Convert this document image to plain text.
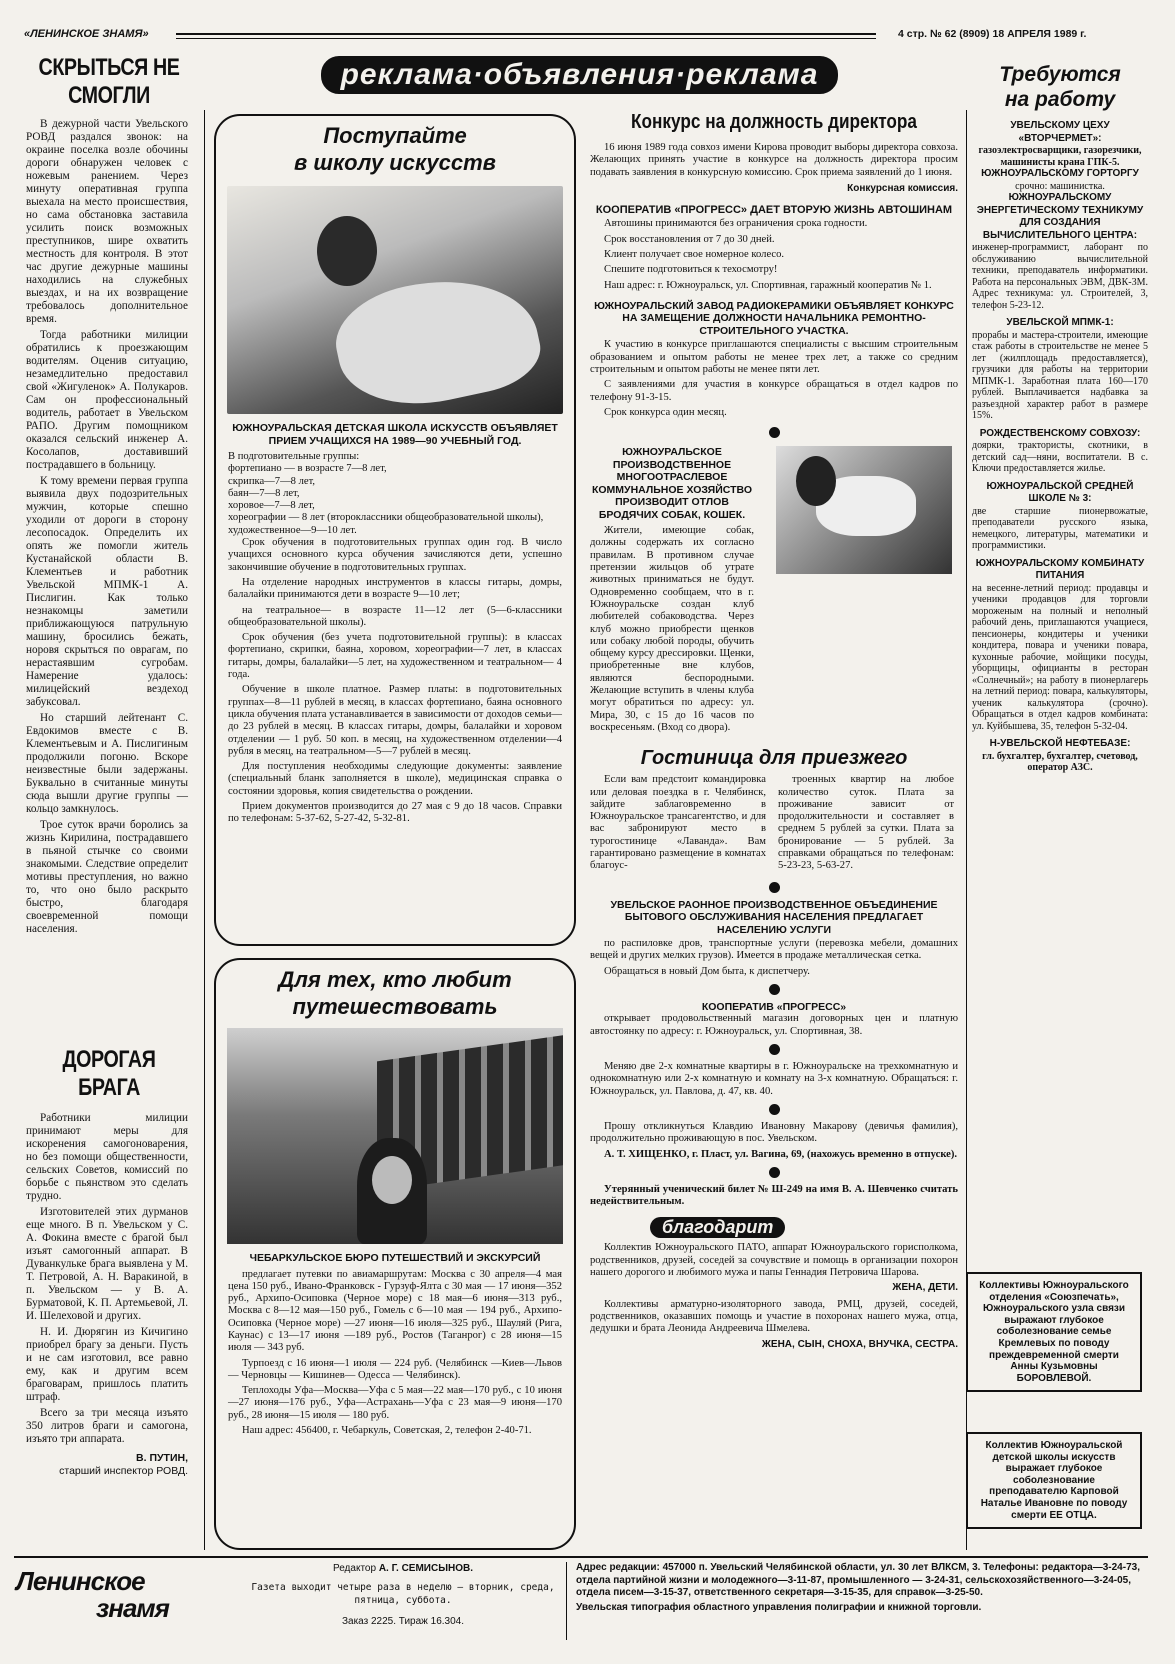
«ЛЕНИНСКОЕ ЗНАМЯ»	4 стр. № 62 (8909) 18 АПРЕЛЯ 1989 г.
реклама·объявления·реклама
СКРЫТЬСЯ НЕ СМОГЛИ

В дежурной части Увельского РОВД раздался звонок: на окраине поселка возле обочины дороги обнаружен человек с ножевым ранением. Через минуту оперативная группа выехала на место происшествия, но сама обстановка заставила усилить поиск возможных преступников, шире охватить местность для контроля. В этот час другие дежурные машины находились на служебных выездах, и на их возвращение требовалось дополнительное время.

Тогда работники милиции обратились к проезжающим водителям. Оценив ситуацию, незамедлительно предоставил свой «Жигуленок» А. Полукаров. Сам он профессиональный водитель, работает в Увельском РАПО. Другим помощником оказался сельский инженер А. Косолапов, доставивший пострадавшего в больницу.

К тому времени первая группа выявила двух подозрительных мужчин, которые спешно уходили от дороги в сторону лесопосадок. Определить их опять же помогли житель Кустанайской области В. Клементьев и работник Увельской МПМК-1 А. Пислигин. Как только незнакомцы заметили приближающуюся патрульную машину, бросились бежать, норовя скрыться по оврагам, по нерастаявшим сугробам. Намерение удалось: милицейский вездеход забуксовал.

Но старший лейтенант С. Евдокимов вместе с В. Клементьевым и А. Пислигиным продолжили погоню. Вскоре неизвестные были задержаны. Буквально в считанные минуты сюда вышли другие группы — кольцо замкнулось.

Трое суток врачи боролись за жизнь Кирилина, пострадавшего в пьяной стычке со своими знакомыми. Следствие определит мотивы преступления, но важно то, что оно было раскрыто быстро, благодаря своевременной помощи населения.

ДОРОГАЯ БРАГА

Работники милиции принимают меры для искоренения самогоноварения, но без помощи общественности, сельских Советов, комиссий по борьбе с пьянством это сделать трудно.

Изготовителей этих дурманов еще много. В п. Увельском у С. А. Фокина вместе с брагой был изъят самогонный аппарат. В Дуванкульке брага выявлена у М. Т. Петровой, А. Н. Варакиной, в п. Увельском — у В. А. Бурматовой, К. П. Артемьевой, Л. И. Шелеховой и других.

Н. И. Дюрягин из Кичигино приобрел брагу за деньги. Пусть и не сам изготовил, все равно ему, как и другим всем браговарам, пришлось платить штраф.

Всего за три месяца изъято 350 литров браги и самогона, изъято три аппарата.

В. ПУТИН,
старший инспектор РОВД.
Поступайте
в школу искусств
ЮЖНОУРАЛЬСКАЯ ДЕТСКАЯ ШКОЛА ИСКУССТВ ОБЪЯВЛЯЕТ ПРИЕМ УЧАЩИХСЯ НА 1989—90 УЧЕБНЫЙ ГОД.
В подготовительные группы:
фортепиано — в возрасте 7—8 лет,
скрипка—7—8 лет,
баян—7—8 лет,
хоровое—7—8 лет,
хореографии — 8 лет (второклассники общеобразовательной школы),
художественное—9—10 лет.

Срок обучения в подготовительных группах один год. В число учащихся основного курса обучения зачисляются дети, успешно закончившие обучение в подготовительных группах.

На отделение народных инструментов в классы гитары, домры, балалайки принимаются дети в возрасте 9—10 лет;

на театральное— в возрасте 11—12 лет (5—6-классники общеобразовательной школы).

Срок обучения (без учета подготовительной группы): в классах фортепиано, скрипки, баяна, хоровом, хореографии—7 лет, в классах гитары, домры, балалайки—5 лет, на художественном и театральном— 4 года.

Обучение в школе платное. Размер платы: в подготовительных группах—8—11 рублей в месяц, в классах фортепиано, баяна основного цикла обучения плата устанавливается в зависимости от доходов семьи— до 23 рублей в месяц. В классах гитары, домры, балалайки и хоровом отделении — 1 руб. 50 коп. в месяц, на художественном отделении—4 рубля в месяц, на театральном—5—7 рублей в месяц.

Для поступления необходимы следующие документы: заявление (специальный бланк заполняется в школе), медицинская справка о состоянии здоровья, копия свидетельства о рождении.

Прием документов производится до 27 мая с 9 до 18 часов. Справки по телефонам: 5-37-62, 5-27-42, 5-32-81.

Для тех, кто любит
путешествовать
ЧЕБАРКУЛЬСКОЕ БЮРО ПУТЕШЕСТВИЙ И ЭКСКУРСИЙ

предлагает путевки по авиамаршрутам: Москва с 30 апреля—4 мая цена 150 руб., Ивано-Франковск - Гурзуф-Ялта с 30 мая — 17 июня—352 руб., Архипо-Осиповка (Черное море) с 18 мая—6 июня—313 руб., Москва с 8—12 мая—150 руб., Гомель с 6—10 мая — 194 руб., Архипо-Осиповка (Черное море) —27 июня—16 июля—325 руб., Шауляй (Рига, Каунас) с 13—17 июня —189 руб., Ростов (Таганрог) с 28 июня—15 июля — 343 руб.

Турпоезд с 16 июня—1 июля — 224 руб. (Челябинск —Киев—Львов — Черновцы — Кишинев— Одесса — Челябинск).

Теплоходы Уфа—Москва—Уфа с 5 мая—22 мая—170 руб., с 10 июня—27 июня—176 руб., Уфа—Астрахань—Уфа с 23 мая—9 июня—170 руб., 28 июня—15 июля — 180 руб.

Наш адрес: 456400, г. Чебаркуль, Советская, 2, телефон 2-40-71.

Конкурс на должность директора

16 июня 1989 года совхоз имени Кирова проводит выборы директора совхоза. Желающих принять участие в конкурсе на должность директора просим подавать заявления в конкурсную комиссию. Срок приема заявлений до 1 июня.

Конкурсная комиссия.
КООПЕРАТИВ «ПРОГРЕСС» ДАЕТ ВТОРУЮ ЖИЗНЬ АВТОШИНАМ

Автошины принимаются без ограничения срока годности.

Срок восстановления от 7 до 30 дней.

Клиент получает свое номерное колесо.

Спешите подготовиться к техосмотру!

Наш адрес: г. Южноуральск, ул. Спортивная, гаражный кооператив № 1.

ЮЖНОУРАЛЬСКИЙ ЗАВОД РАДИОКЕРАМИКИ ОБЪЯВЛЯЕТ КОНКУРС НА ЗАМЕЩЕНИЕ ДОЛЖНОСТИ НАЧАЛЬНИКА РЕМОНТНО- СТРОИТЕЛЬНОГО УЧАСТКА.

К участию в конкурсе приглашаются специалисты с высшим строительным образованием и опытом работы не менее трех лет, а также со средним строительным и опытом работы не менее пяти лет.

С заявлениями для участия в конкурсе обращаться в отдел кадров по телефону 91-3-15.

Срок конкурса один месяц.

ЮЖНОУРАЛЬСКОЕ ПРОИЗВОДСТВЕННОЕ МНОГООТРАСЛЕВОЕ КОММУНАЛЬНОЕ ХОЗЯЙСТВО ПРОИЗВОДИТ ОТЛОВ БРОДЯЧИХ СОБАК, КОШЕК.

Жители, имеющие собак, должны содержать их согласно правилам. В противном случае претензии жильцов об утрате животных приниматься не будут. Одновременно сообщаем, что в г. Южноуральске создан клуб любителей собаководства. Через клуб можно приобрести щенков или собаку любой породы, обучить общему курсу дрессировки. Щенки, приобретенные вне клубов, являются беспородными. Желающие вступить в члены клуба могут обратиться по адресу: ул. Мира, 30, с 15 до 16 часов по воскресеньям. (Вход со двора).

Гостиница для приезжего

Если вам предстоит командировка или деловая поездка в г. Челябинск, зайдите заблаговременно в Южноуральское трансагентство, и для вас забронируют место в турогостинице «Лаванда». Вам гарантировано размещение в комнатах благоус-

троенных квартир на любое количество суток. Плата за проживание зависит от продолжительности и составляет в среднем 5 рублей за сутки. Плата за бронирование — 5 рублей. За справками обращаться по телефонам: 5-23-23, 5-63-27.

УВЕЛЬСКОЕ РАОННОЕ ПРОИЗВОДСТВЕННОЕ ОБЪЕДИНЕНИЕ БЫТОВОГО ОБСЛУЖИВАНИЯ НАСЕЛЕНИЯ ПРЕДЛАГАЕТ НАСЕЛЕНИЮ УСЛУГИ

по распиловке дров, транспортные услуги (перевозка мебели, домашних вещей и других мелких грузов). Имеется в продаже металлическая сетка.

Обращаться в новый Дом быта, к диспетчеру.

КООПЕРАТИВ «ПРОГРЕСС»

открывает продовольственный магазин договорных цен и платную автостоянку по адресу: г. Южноуральск, ул. Спортивная, 38.

Меняю две 2-х комнатные квартиры в г. Южноуральске на трехкомнатную и однокомнатную или 2-х комнатную и комнату на 3-х комнатную. Обращаться: г. Южноуральск, ул. Павлова, д. 47, кв. 40.

Прошу откликнуться Клавдию Ивановну Макарову (девичья фамилия), продолжительно проживающую в пос. Увельском.

А. Т. ХИЩЕНКО, г. Пласт, ул. Вагина, 69, (нахожусь временно в отпуске).

Утерянный ученический билет № Ш-249 на имя В. А. Шевченко считать недействительным.

благодарит

Коллектив Южноуральского ПАТО, аппарат Южноуральского горисполкома, родственников, друзей, соседей за сочувствие и помощь в организации похорон нашего дорогого и любимого мужа и папы Геннадия Петровича Шарова.

ЖЕНА, ДЕТИ.

Коллективы арматурно-изоляторного завода, РМЦ, друзей, соседей, родственников, оказавших помощь и участие в похоронах нашего мужа, отца, дедушки и брата Леонида Андреевича Шмелева.

ЖЕНА, СЫН, СНОХА, ВНУЧКА, СЕСТРА.
Требуются
на работу
УВЕЛЬСКОМУ ЦЕХУ «ВТОРЧЕРМЕТ»:
газоэлектросварщики, газорезчики, машинисты крана ГПК-5.
ЮЖНОУРАЛЬСКОМУ ГОРТОРГУ
срочно: машинистка.
ЮЖНОУРАЛЬСКОМУ ЭНЕРГЕТИЧЕСКОМУ ТЕХНИКУМУ ДЛЯ СОЗДАНИЯ ВЫЧИСЛИТЕЛЬНОГО ЦЕНТРА:
инженер-программист, лаборант по обслуживанию вычислительной техники, преподаватель информатики. Работа на персональных ЭВМ, ДВК-3М. Адрес техникума: ул. Строителей, 3, телефон 5-23-12.
УВЕЛЬСКОЙ МПМК-1:
прорабы и мастера-строители, имеющие стаж работы в строительстве не менее 5 лет (жилплощадь предоставляется), грузчики для работы на территории МПМК-1. Заработная плата 160—170 рублей. Выплачивается надбавка за разъездной характер работ в размере 15%.
РОЖДЕСТВЕНСКОМУ СОВХОЗУ:
доярки, трактористы, скотники, в детский сад—няни, воспитатели. В с. Ключи предоставляется жилье.
ЮЖНОУРАЛЬСКОЙ СРЕДНЕЙ ШКОЛЕ № 3:
две старшие пионервожатые, преподаватели русского языка, немецкого, литературы, математики и программистики.
ЮЖНОУРАЛЬСКОМУ КОМБИНАТУ ПИТАНИЯ
на весенне-летний период: продавцы и ученики продавцов для торговли мороженым на полный и неполный рабочий день, приглашаются учащиеся, пенсионеры, кондитеры и ученики кондитера, повара и ученики повара, кухонные рабочие, мойщики посуды, уборщицы, официанты в ресторан «Солнечный»; на работу в пионерлагерь на летний период: повара, калькуляторы, ученик калькулятора (срочно). Обращаться в отдел кадров комбината: ул. Куйбышева, 35, телефон 5-32-04.
Н-УВЕЛЬСКОЙ НЕФТЕБАЗЕ:
гл. бухгалтер, бухгалтер, счетовод, оператор АЗС.
Коллективы Южноуральского отделения «Союзпечать», Южноуральского узла связи выражают глубокое соболезнование семье Кремлевых по поводу преждевременной смерти Анны Кузьмовны БОРОВЛЕВОЙ.
Коллектив Южноуральской детской школы искусств выражает глубокое соболезнование преподавателю Карповой Наталье Ивановне по поводу смерти ЕЕ ОТЦА.
Ленинское
знамя
Редактор А. Г. СЕМИСЫНОВ.
Газета выходит четыре раза в неделю — вторник, среда, пятница, суббота.
Заказ 2225. Тираж 16.304.
Адрес редакции: 457000 п. Увельский Челябинской области, ул. 30 лет ВЛКСМ, 3. Телефоны: редактора—3-24-73, отдела партийной жизни и молодежного—3-11-87, промышленного — 3-24-31, сельскохозяйственного—3-24-05, отдела писем—3-15-37, ответственного секретаря—3-15-35, для справок—3-25-50.
Увельская типография областного управления полиграфии и книжной торговли.
